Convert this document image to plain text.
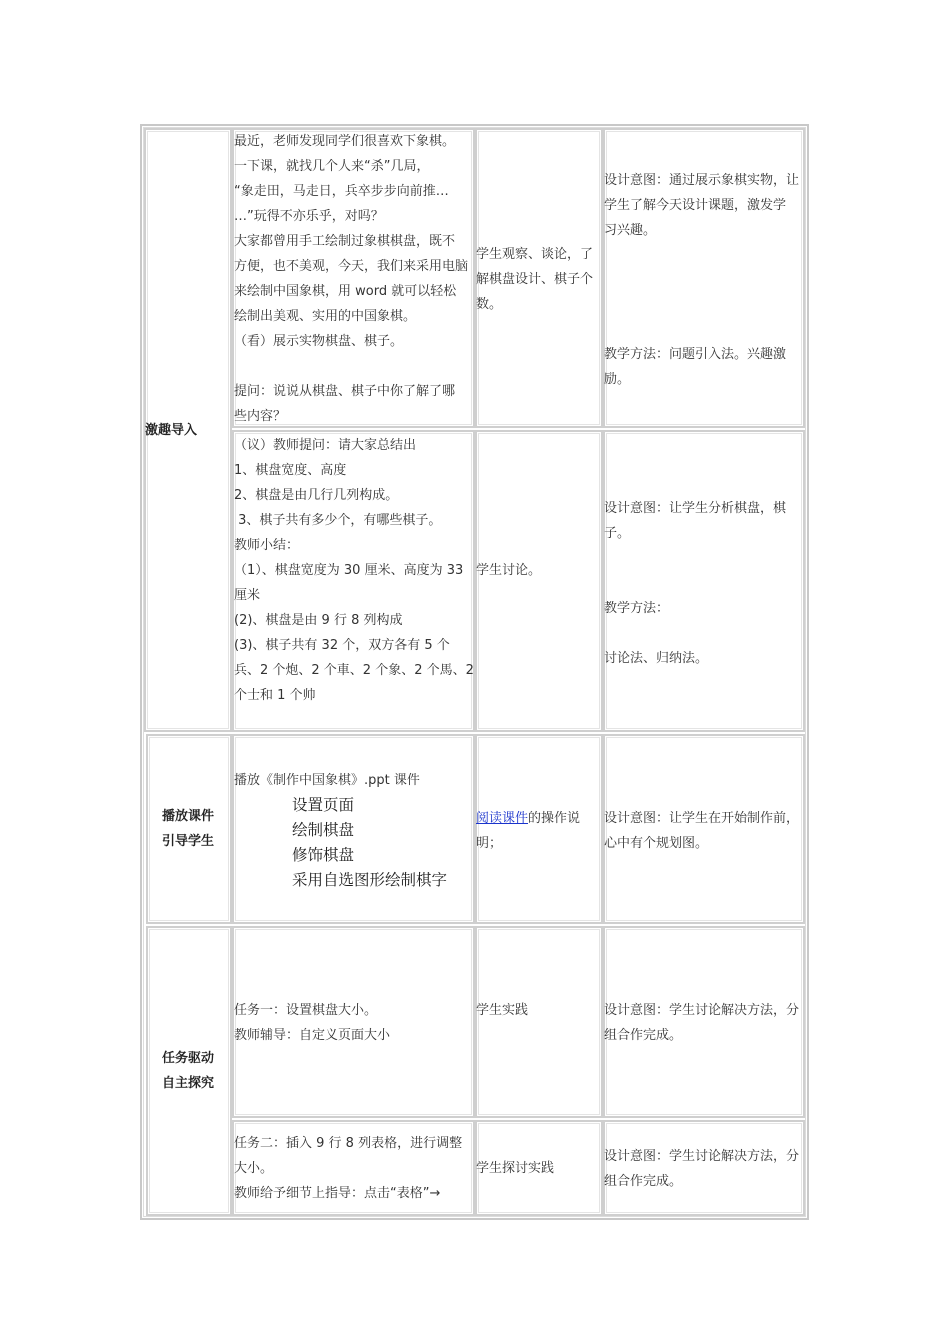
激趣导入
播放课件
引导学生
任务驱动
自主探究
最近，老师发现同学们很喜欢下象棋。
一下课，就找几个人来“杀”几局，
“象走田，马走日，兵卒步步向前推…
…”玩得不亦乐乎，对吗？
大家都曾用手工绘制过象棋棋盘，既不
方便，也不美观，今天，我们来采用电脑
来绘制中国象棋，用 word 就可以轻松
绘制出美观、实用的中国象棋。
（看）展示实物棋盘、棋子。
提问：说说从棋盘、棋子中你了解了哪
些内容？
学生观察、谈论，了
解棋盘设计、棋子个
数。
设计意图：通过展示象棋实物，让
学生了解今天设计课题，激发学
习兴趣。
教学方法：问题引入法。兴趣激
励。
（议）教师提问：请大家总结出
1、棋盘宽度、高度
2、棋盘是由几行几列构成。
3、棋子共有多少个，有哪些棋子。
教师小结：
（1）、棋盘宽度为 30 厘米、高度为 33
厘米
(2)、棋盘是由 9 行 8 列构成
(3)、棋子共有 32 个，双方各有 5 个
兵、2 个炮、2 个車、2 个象、2 个馬、2
个士和 1 个帅
学生讨论。
设计意图：让学生分析棋盘，棋
子。
教学方法：
讨论法、归纳法。
播放《制作中国象棋》.ppt 课件
设置页面
绘制棋盘
修饰棋盘
采用自选图形绘制棋字
阅读课件的操作说
明；
设计意图：让学生在开始制作前，
心中有个规划图。
任务一：设置棋盘大小。
教师辅导：自定义页面大小
学生实践	设计意图：学生讨论解决方法，分
组合作完成。
任务二：插入 9 行 8 列表格，进行调整
大小。
教师给予细节上指导：点击“表格”→
学生探讨实践
设计意图：学生讨论解决方法，分
组合作完成。
